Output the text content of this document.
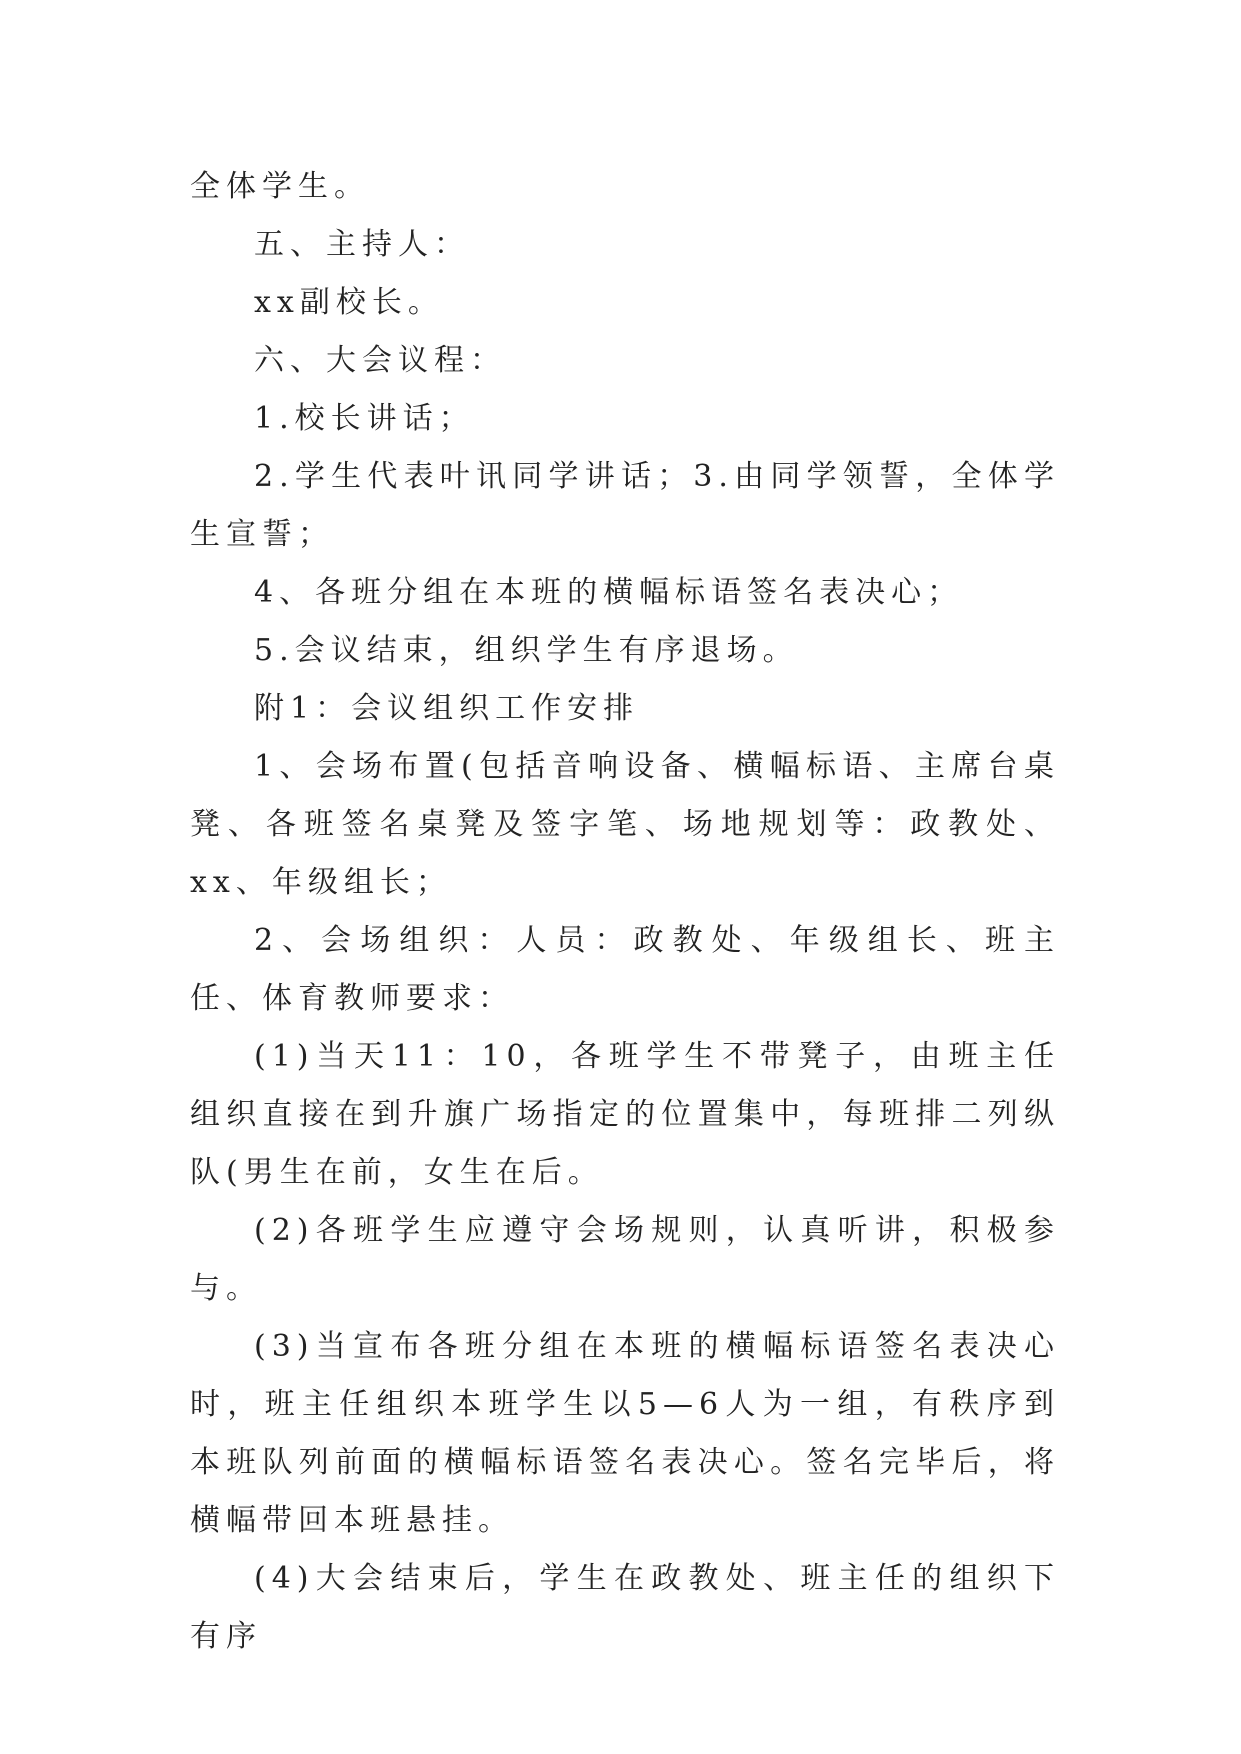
全体学生。

五、主持人：

xx副校长。

六、大会议程：

1.校长讲话；

2.学生代表叶讯同学讲话；3.由同学领誓，全体学生宣誓；

4、各班分组在本班的横幅标语签名表决心；

5.会议结束，组织学生有序退场。

附1：会议组织工作安排

1、会场布置(包括音响设备、横幅标语、主席台桌凳、各班签名桌凳及签字笔、场地规划等：政教处、xx、年级组长；

2、会场组织：人员：政教处、年级组长、班主任、体育教师要求：

(1)当天11：10，各班学生不带凳子，由班主任组织直接在到升旗广场指定的位置集中，每班排二列纵队(男生在前，女生在后。

(2)各班学生应遵守会场规则，认真听讲，积极参与。

(3)当宣布各班分组在本班的横幅标语签名表决心时，班主任组织本班学生以5—6人为一组，有秩序到本班队列前面的横幅标语签名表决心。签名完毕后，将横幅带回本班悬挂。

(4)大会结束后，学生在政教处、班主任的组织下有序
